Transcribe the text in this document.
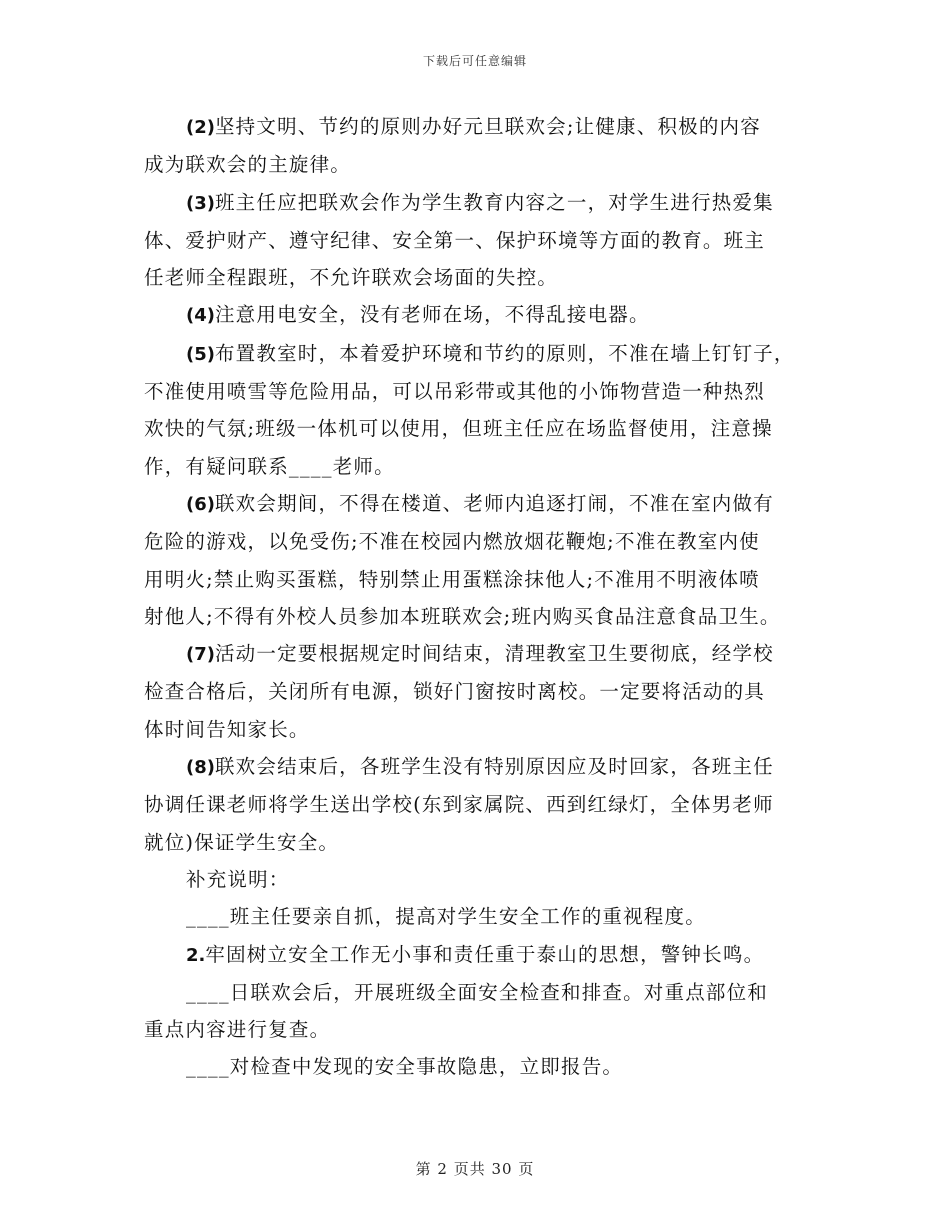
下载后可任意编辑

(2)坚持文明、节约的原则办好元旦联欢会;让健康、积极的内容
成为联欢会的主旋律。

(3)班主任应把联欢会作为学生教育内容之一，对学生进行热爱集
体、爱护财产、遵守纪律、安全第一、保护环境等方面的教育。班主
任老师全程跟班，不允许联欢会场面的失控。

(4)注意用电安全，没有老师在场，不得乱接电器。

(5)布置教室时，本着爱护环境和节约的原则，不准在墙上钉钉子，
不准使用喷雪等危险用品，可以吊彩带或其他的小饰物营造一种热烈
欢快的气氛;班级一体机可以使用，但班主任应在场监督使用，注意操
作，有疑问联系____老师。

(6)联欢会期间，不得在楼道、老师内追逐打闹，不准在室内做有
危险的游戏，以免受伤;不准在校园内燃放烟花鞭炮;不准在教室内使
用明火;禁止购买蛋糕，特别禁止用蛋糕涂抹他人;不准用不明液体喷
射他人;不得有外校人员参加本班联欢会;班内购买食品注意食品卫生。

(7)活动一定要根据规定时间结束，清理教室卫生要彻底，经学校
检查合格后，关闭所有电源，锁好门窗按时离校。一定要将活动的具
体时间告知家长。

(8)联欢会结束后，各班学生没有特别原因应及时回家，各班主任
协调任课老师将学生送出学校(东到家属院、西到红绿灯，全体男老师
就位)保证学生安全。

补充说明：

____班主任要亲自抓，提高对学生安全工作的重视程度。

2.牢固树立安全工作无小事和责任重于泰山的思想，警钟长鸣。

____日联欢会后，开展班级全面安全检查和排查。对重点部位和
重点内容进行复查。

____对检查中发现的安全事故隐患，立即报告。

第 2 页共 30 页
